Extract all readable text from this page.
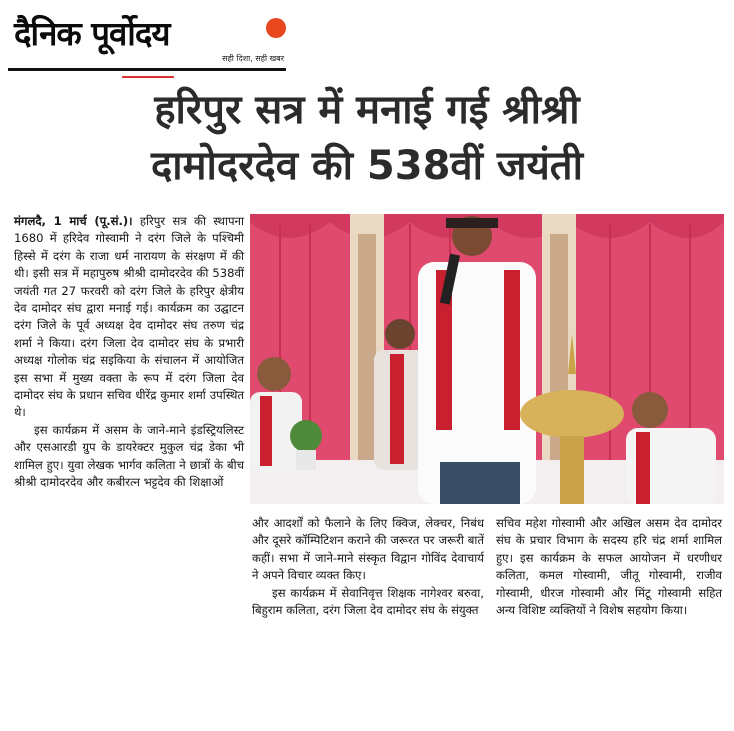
दैनिक पूर्वोदय
सही दिशा, सही खबर
हरिपुर सत्र में मनाई गई श्रीश्री
दामोदरदेव की 538वीं जयंती

मंगलदै, 1 मार्च (पू.सं.)। हरिपुर सत्र की स्थापना 1680 में हरिदेव गोस्वामी ने दरंग जिले के पश्चिमी हिस्से में दरंग के राजा धर्म नारायण के संरक्षण में की थी। इसी सत्र में महापुरुष श्रीश्री दामोदरदेव की 538वीं जयंती गत 27 फरवरी को दरंग जिले के हरिपुर क्षेत्रीय देव दामोदर संघ द्वारा मनाई गई। कार्यक्रम का उद्घाटन दरंग जिले के पूर्व अध्यक्ष देव दामोदर संघ तरुण चंद्र शर्मा ने किया। दरंग जिला देव दामोदर संघ के प्रभारी अध्यक्ष गोलोक चंद्र सइकिया के संचालन में आयोजित इस सभा में मुख्य वक्ता के रूप में दरंग जिला देव दामोदर संघ के प्रधान सचिव धीरेंद्र कुमार शर्मा उपस्थित थे।

इस कार्यक्रम में असम के जाने-माने इंडस्ट्रियलिस्ट और एसआरडी ग्रुप के डायरेक्टर मुकुल चंद्र डेका भी शामिल हुए। युवा लेखक भार्गव कलिता ने छात्रों के बीच श्रीश्री दामोदरदेव और कबीरत्न भट्टदेव की शिक्षाओं

और आदर्शों को फैलाने के लिए क्विज, लेक्चर, निबंध और दूसरे कॉम्पिटिशन कराने की जरूरत पर जरूरी बातें कहीं। सभा में जाने-माने संस्कृत विद्वान गोविंद देवाचार्य ने अपने विचार व्यक्त किए।

इस कार्यक्रम में सेवानिवृत्त शिक्षक नागेश्वर बरुवा, बिहुराम कलिता, दरंग जिला देव दामोदर संघ के संयुक्त

सचिव महेश गोस्वामी और अखिल असम देव दामोदर संघ के प्रचार विभाग के सदस्य हरि चंद्र शर्मा शामिल हुए। इस कार्यक्रम के सफल आयोजन में धरणीधर कलिता, कमल गोस्वामी, जीतू गोस्वामी, राजीव गोस्वामी, धीरज गोस्वामी और मिंटू गोस्वामी सहित अन्य विशिष्ट व्यक्तियों ने विशेष सहयोग किया।
